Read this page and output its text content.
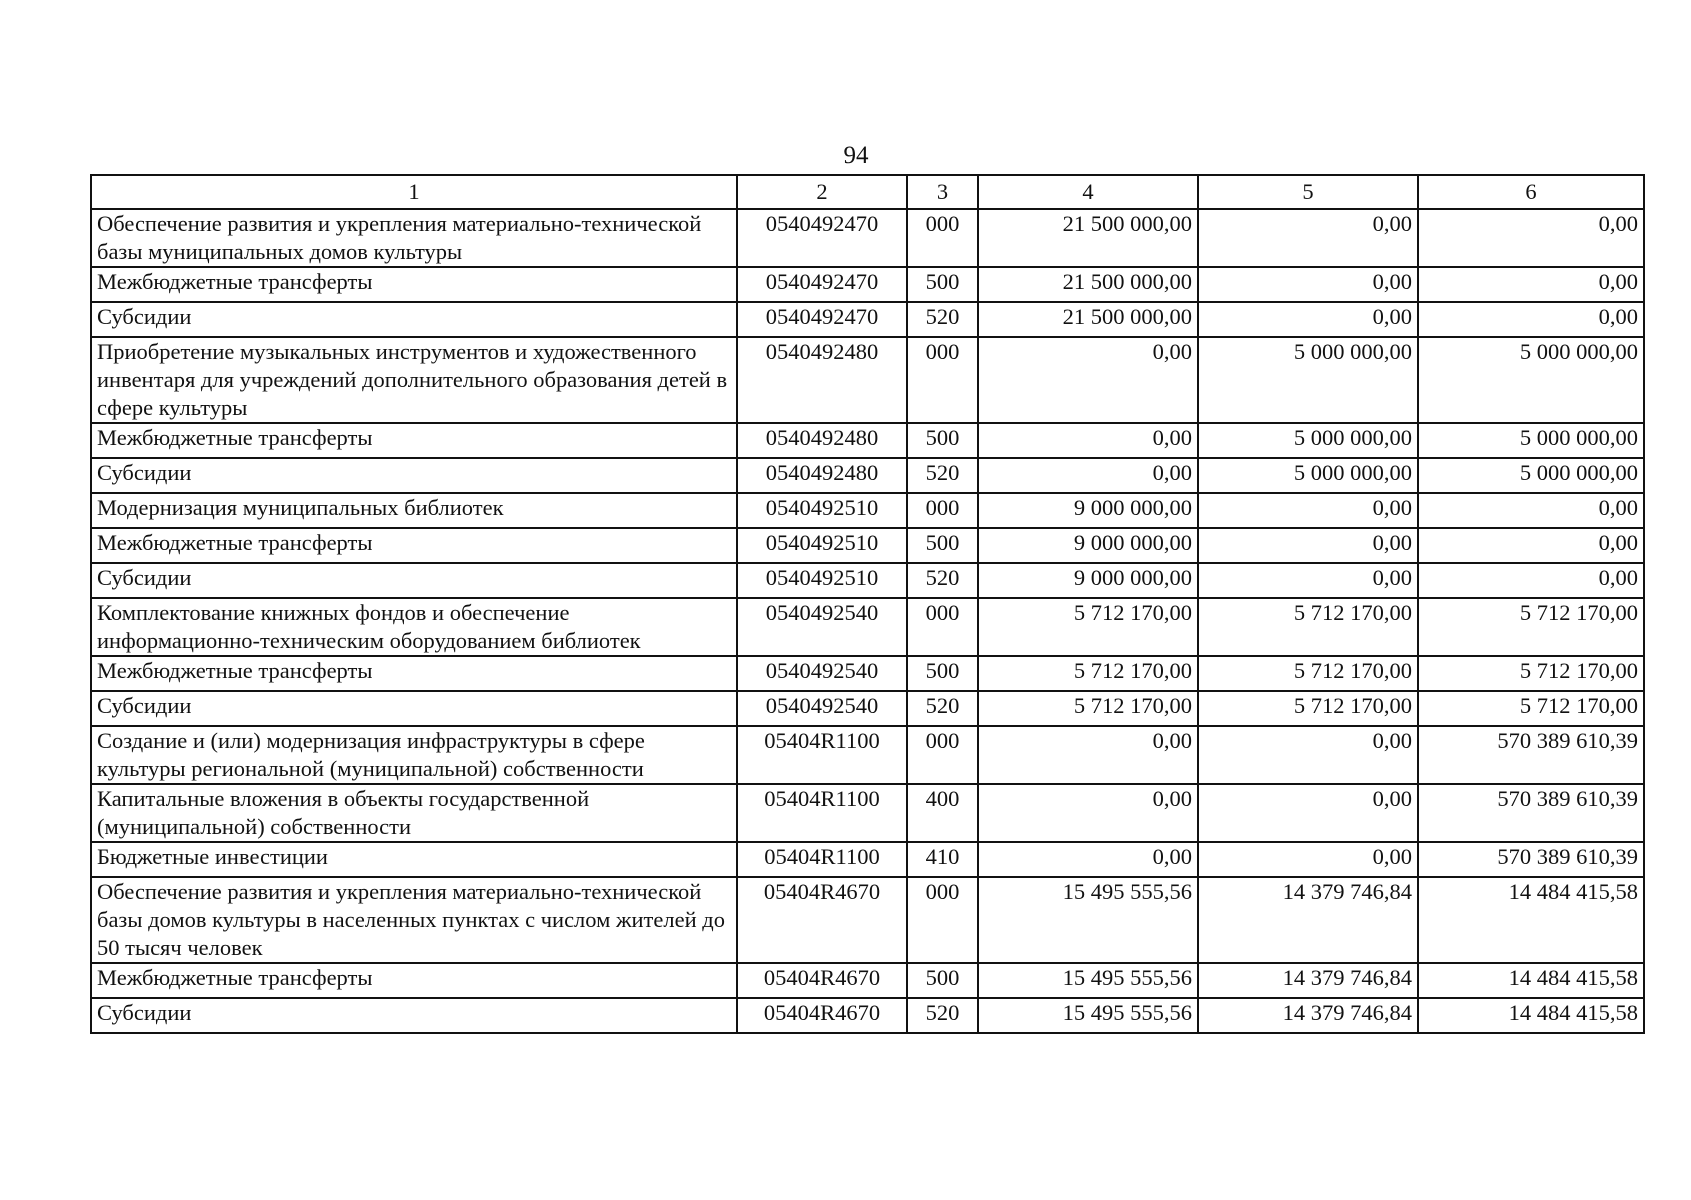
94
1	2	3	4	5	6
Обеспечение развития и укрепления материально-технической базы муниципальных домов культуры	0540492470	000	21 500 000,00	0,00	0,00
Межбюджетные трансферты	0540492470	500	21 500 000,00	0,00	0,00
Субсидии	0540492470	520	21 500 000,00	0,00	0,00
Приобретение музыкальных инструментов и художественного инвентаря для учреждений дополнительного образования детей в сфере культуры	0540492480	000	0,00	5 000 000,00	5 000 000,00
Межбюджетные трансферты	0540492480	500	0,00	5 000 000,00	5 000 000,00
Субсидии	0540492480	520	0,00	5 000 000,00	5 000 000,00
Модернизация муниципальных библиотек	0540492510	000	9 000 000,00	0,00	0,00
Межбюджетные трансферты	0540492510	500	9 000 000,00	0,00	0,00
Субсидии	0540492510	520	9 000 000,00	0,00	0,00
Комплектование книжных фондов и обеспечение информационно-техническим оборудованием библиотек	0540492540	000	5 712 170,00	5 712 170,00	5 712 170,00
Межбюджетные трансферты	0540492540	500	5 712 170,00	5 712 170,00	5 712 170,00
Субсидии	0540492540	520	5 712 170,00	5 712 170,00	5 712 170,00
Создание и (или) модернизация инфраструктуры в сфере культуры региональной (муниципальной) собственности	05404R1100	000	0,00	0,00	570 389 610,39
Капитальные вложения в объекты государственной (муниципальной) собственности	05404R1100	400	0,00	0,00	570 389 610,39
Бюджетные инвестиции	05404R1100	410	0,00	0,00	570 389 610,39
Обеспечение развития и укрепления материально-технической базы домов культуры в населенных пунктах с числом жителей до 50 тысяч человек	05404R4670	000	15 495 555,56	14 379 746,84	14 484 415,58
Межбюджетные трансферты	05404R4670	500	15 495 555,56	14 379 746,84	14 484 415,58
Субсидии	05404R4670	520	15 495 555,56	14 379 746,84	14 484 415,58
